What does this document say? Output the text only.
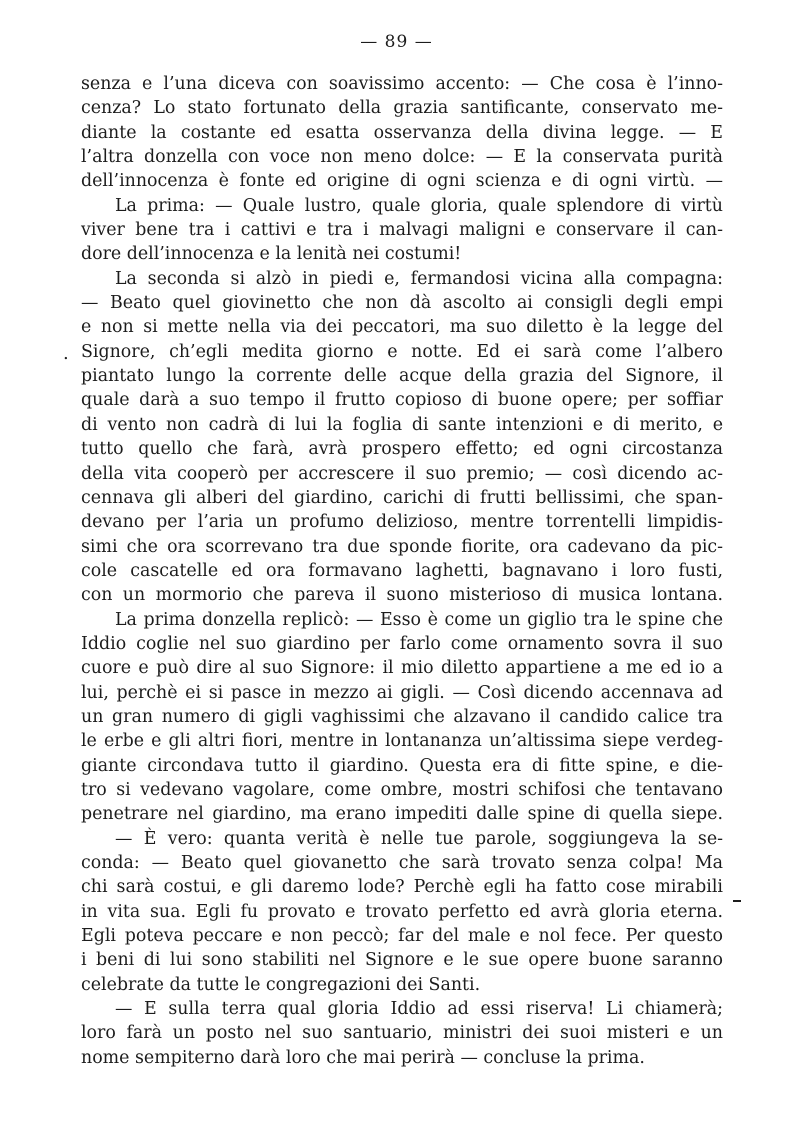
— 89 —
.
senza e l’una diceva con soavissimo accento: — Che cosa è l’inno-
cenza? Lo stato fortunato della grazia santificante, conservato me-
diante la costante ed esatta osservanza della divina legge. — E
l’altra donzella con voce non meno dolce: — E la conservata purità
dell’innocenza è fonte ed origine di ogni scienza e di ogni virtù. —
La prima: — Quale lustro, quale gloria, quale splendore di virtù
viver bene tra i cattivi e tra i malvagi maligni e conservare il can-
dore dell’innocenza e la lenità nei costumi!
La seconda si alzò in piedi e, fermandosi vicina alla compagna:
— Beato quel giovinetto che non dà ascolto ai consigli degli empi
e non si mette nella via dei peccatori, ma suo diletto è la legge del
Signore, ch’egli medita giorno e notte. Ed ei sarà come l’albero
piantato lungo la corrente delle acque della grazia del Signore, il
quale darà a suo tempo il frutto copioso di buone opere; per soffiar
di vento non cadrà di lui la foglia di sante intenzioni e di merito, e
tutto quello che farà, avrà prospero effetto; ed ogni circostanza
della vita cooperò per accrescere il suo premio; — così dicendo ac-
cennava gli alberi del giardino, carichi di frutti bellissimi, che span-
devano per l’aria un profumo delizioso, mentre torrentelli limpidis-
simi che ora scorrevano tra due sponde fiorite, ora cadevano da pic-
cole cascatelle ed ora formavano laghetti, bagnavano i loro fusti,
con un mormorio che pareva il suono misterioso di musica lontana.
La prima donzella replicò: — Esso è come un giglio tra le spine che
Iddio coglie nel suo giardino per farlo come ornamento sovra il suo
cuore e può dire al suo Signore: il mio diletto appartiene a me ed io a
lui, perchè ei si pasce in mezzo ai gigli. — Così dicendo accennava ad
un gran numero di gigli vaghissimi che alzavano il candido calice tra
le erbe e gli altri fiori, mentre in lontananza un’altissima siepe verdeg-
giante circondava tutto il giardino. Questa era di fitte spine, e die-
tro si vedevano vagolare, come ombre, mostri schifosi che tentavano
penetrare nel giardino, ma erano impediti dalle spine di quella siepe.
— È vero: quanta verità è nelle tue parole, soggiungeva la se-
conda: — Beato quel giovanetto che sarà trovato senza colpa! Ma
chi sarà costui, e gli daremo lode? Perchè egli ha fatto cose mirabili
in vita sua. Egli fu provato e trovato perfetto ed avrà gloria eterna.
Egli poteva peccare e non peccò; far del male e nol fece. Per questo
i beni di lui sono stabiliti nel Signore e le sue opere buone saranno
celebrate da tutte le congregazioni dei Santi.
— E sulla terra qual gloria Iddio ad essi riserva! Li chiamerà;
loro farà un posto nel suo santuario, ministri dei suoi misteri e un
nome sempiterno darà loro che mai perirà — concluse la prima.
